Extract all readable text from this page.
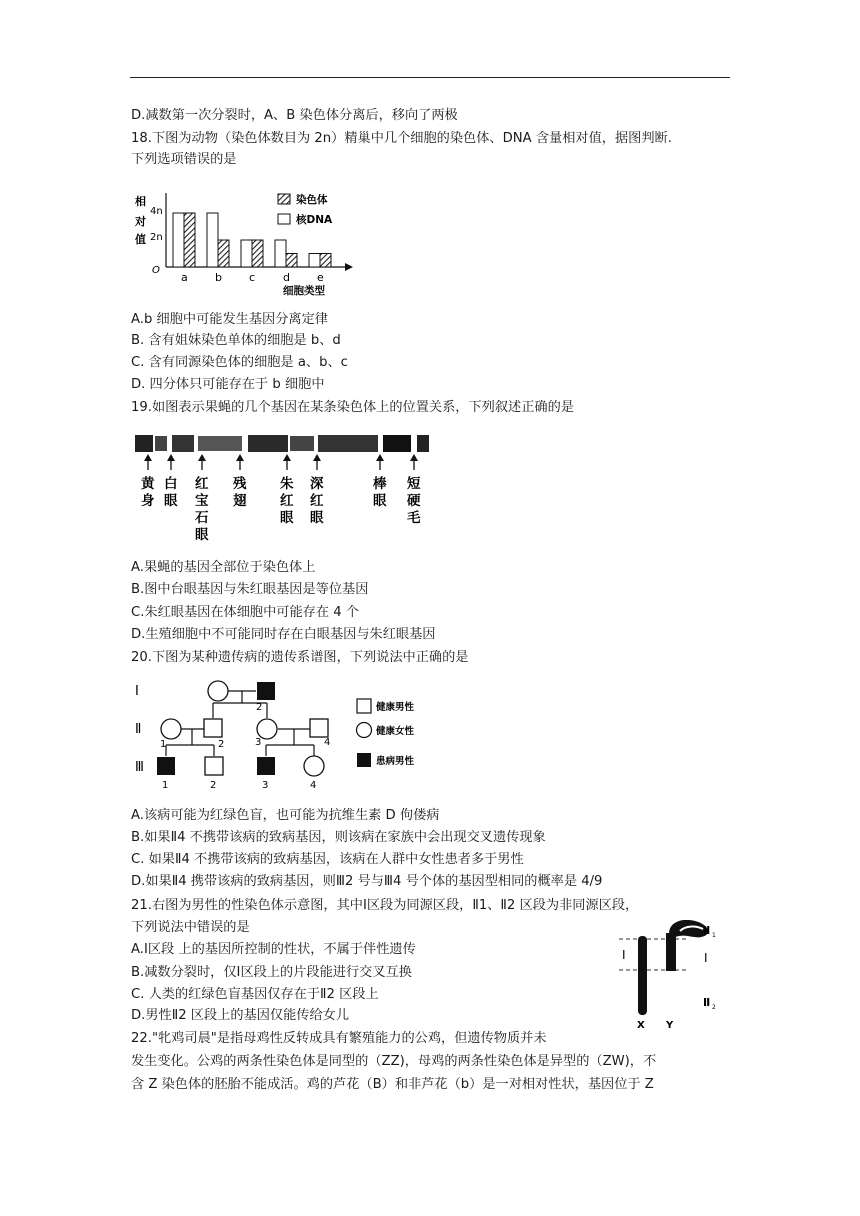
D.减数第一次分裂时，A、B 染色体分离后，移向了两极
18.下图为动物（染色体数目为 2n）精巢中几个细胞的染色体、DNA 含量相对值，据图判断.
下列选项错误的是
相
对
值
4n
2n
O
a b c	d e
细胞类型
染色体
核DNA
A.b 细胞中可能发生基因分离定律
B. 含有姐妹染色单体的细胞是 b、d
C. 含有同源染色体的细胞是 a、b、c
D. 四分体只可能存在于 b 细胞中
19.如图表示果蝇的几个基因在某条染色体上的位置关系，下列叙述正确的是
黄身
白眼
红宝石眼
残翅
朱红眼
深红眼
棒眼
短硬毛
A.果蝇的基因全部位于染色体上
B.图中台眼基因与朱红眼基因是等位基因
C.朱红眼基因在体细胞中可能存在 4 个
D.生殖细胞中不可能同时存在白眼基因与朱红眼基因
20.下图为某种遗传病的遗传系谱图，下列说法中正确的是
Ⅰ
Ⅱ
Ⅲ
2
1	2	3	4
1	2	3	4
健康男性
健康女性
患病男性
A.该病可能为红绿色盲，也可能为抗维生素 D 佝偻病
B.如果Ⅱ4 不携带该病的致病基因，则该病在家族中会出现交叉遗传现象
C. 如果Ⅱ4 不携带该病的致病基因，该病在人群中女性患者多于男性
D.如果Ⅱ4 携带该病的致病基因，则Ⅲ2 号与Ⅲ4 号个体的基因型相同的概率是 4/9
21.右图为男性的性染色体示意图，其中Ⅰ区段为同源区段，Ⅱ1、Ⅱ2 区段为非同源区段，
下列说法中错误的是
A.Ⅰ区段 上的基因所控制的性状，不属于伴性遗传
B.减数分裂时，仅Ⅰ区段上的片段能进行交叉互换
C. 人类的红绿色盲基因仅存在于Ⅱ2 区段上
D.男性Ⅱ2 区段上的基因仅能传给女儿
Ⅰ	Ⅰ
Ⅱ 1
Ⅱ 2
X Y
22."牝鸡司晨"是指母鸡性反转成具有繁殖能力的公鸡，但遗传物质并未
发生变化。公鸡的两条性染色体是同型的（ZZ)，母鸡的两条性染色体是异型的（ZW)，不
含 Z 染色体的胚胎不能成活。鸡的芦花（B）和非芦花（b）是一对相对性状，基因位于 Z
